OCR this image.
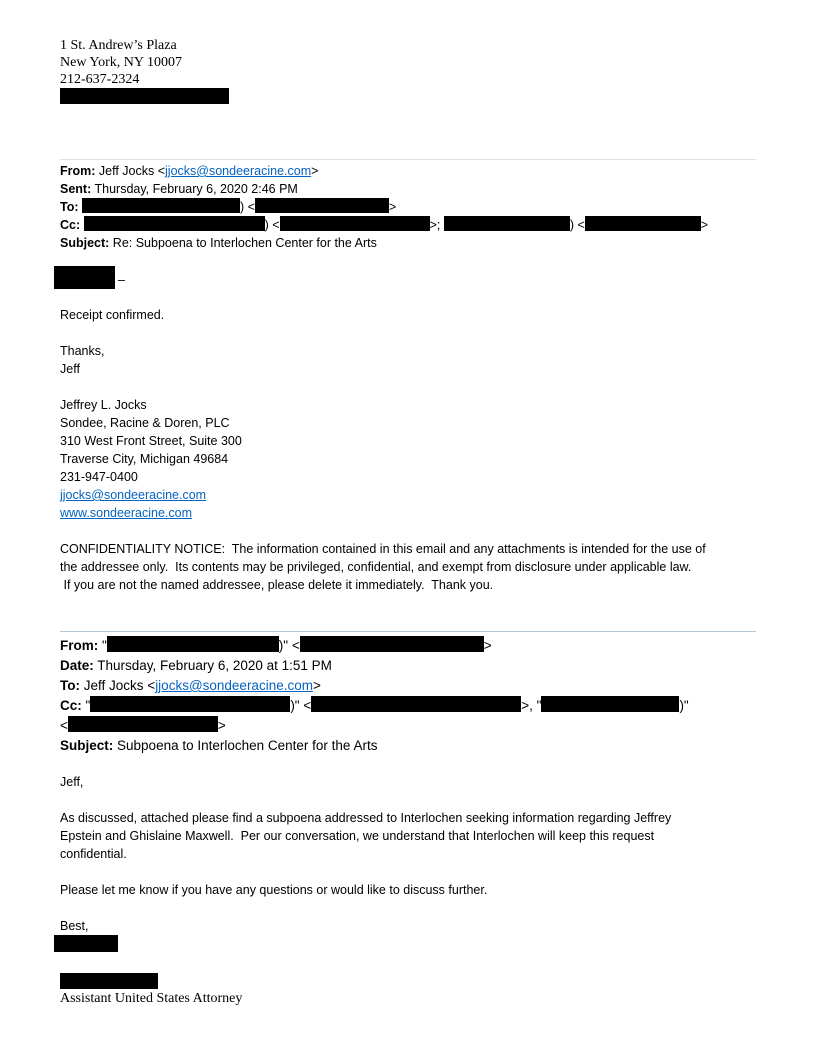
1 St. Andrew’s Plaza
New York, NY 10007
212-637-2324
From: Jeff Jocks <jjocks@sondeeracine.com>
Sent: Thursday, February 6, 2020 2:46 PM
To:	) <	>
Cc:	) <	>;	) <	>
Subject: Re: Subpoena to Interlochen Center for the Arts
–
Receipt confirmed.
Thanks,
Jeff
Jeffrey L. Jocks
Sondee, Racine & Doren, PLC
310 West Front Street, Suite 300
Traverse City, Michigan 49684
231-947-0400
jjocks@sondeeracine.com
www.sondeeracine.com
CONFIDENTIALITY NOTICE:  The information contained in this email and any attachments is intended for the use of
the addressee only.  Its contents may be privileged, confidential, and exempt from disclosure under applicable law.
If you are not the named addressee, please delete it immediately.  Thank you.
From: "	)" <	>
Date: Thursday, February 6, 2020 at 1:51 PM
To: Jeff Jocks <jjocks@sondeeracine.com>
Cc: "	)" <	>, "	)"
<	>
Subject: Subpoena to Interlochen Center for the Arts
Jeff,
As discussed, attached please find a subpoena addressed to Interlochen seeking information regarding Jeffrey
Epstein and Ghislaine Maxwell.  Per our conversation, we understand that Interlochen will keep this request
confidential.
Please let me know if you have any questions or would like to discuss further.
Best,
Assistant United States Attorney
